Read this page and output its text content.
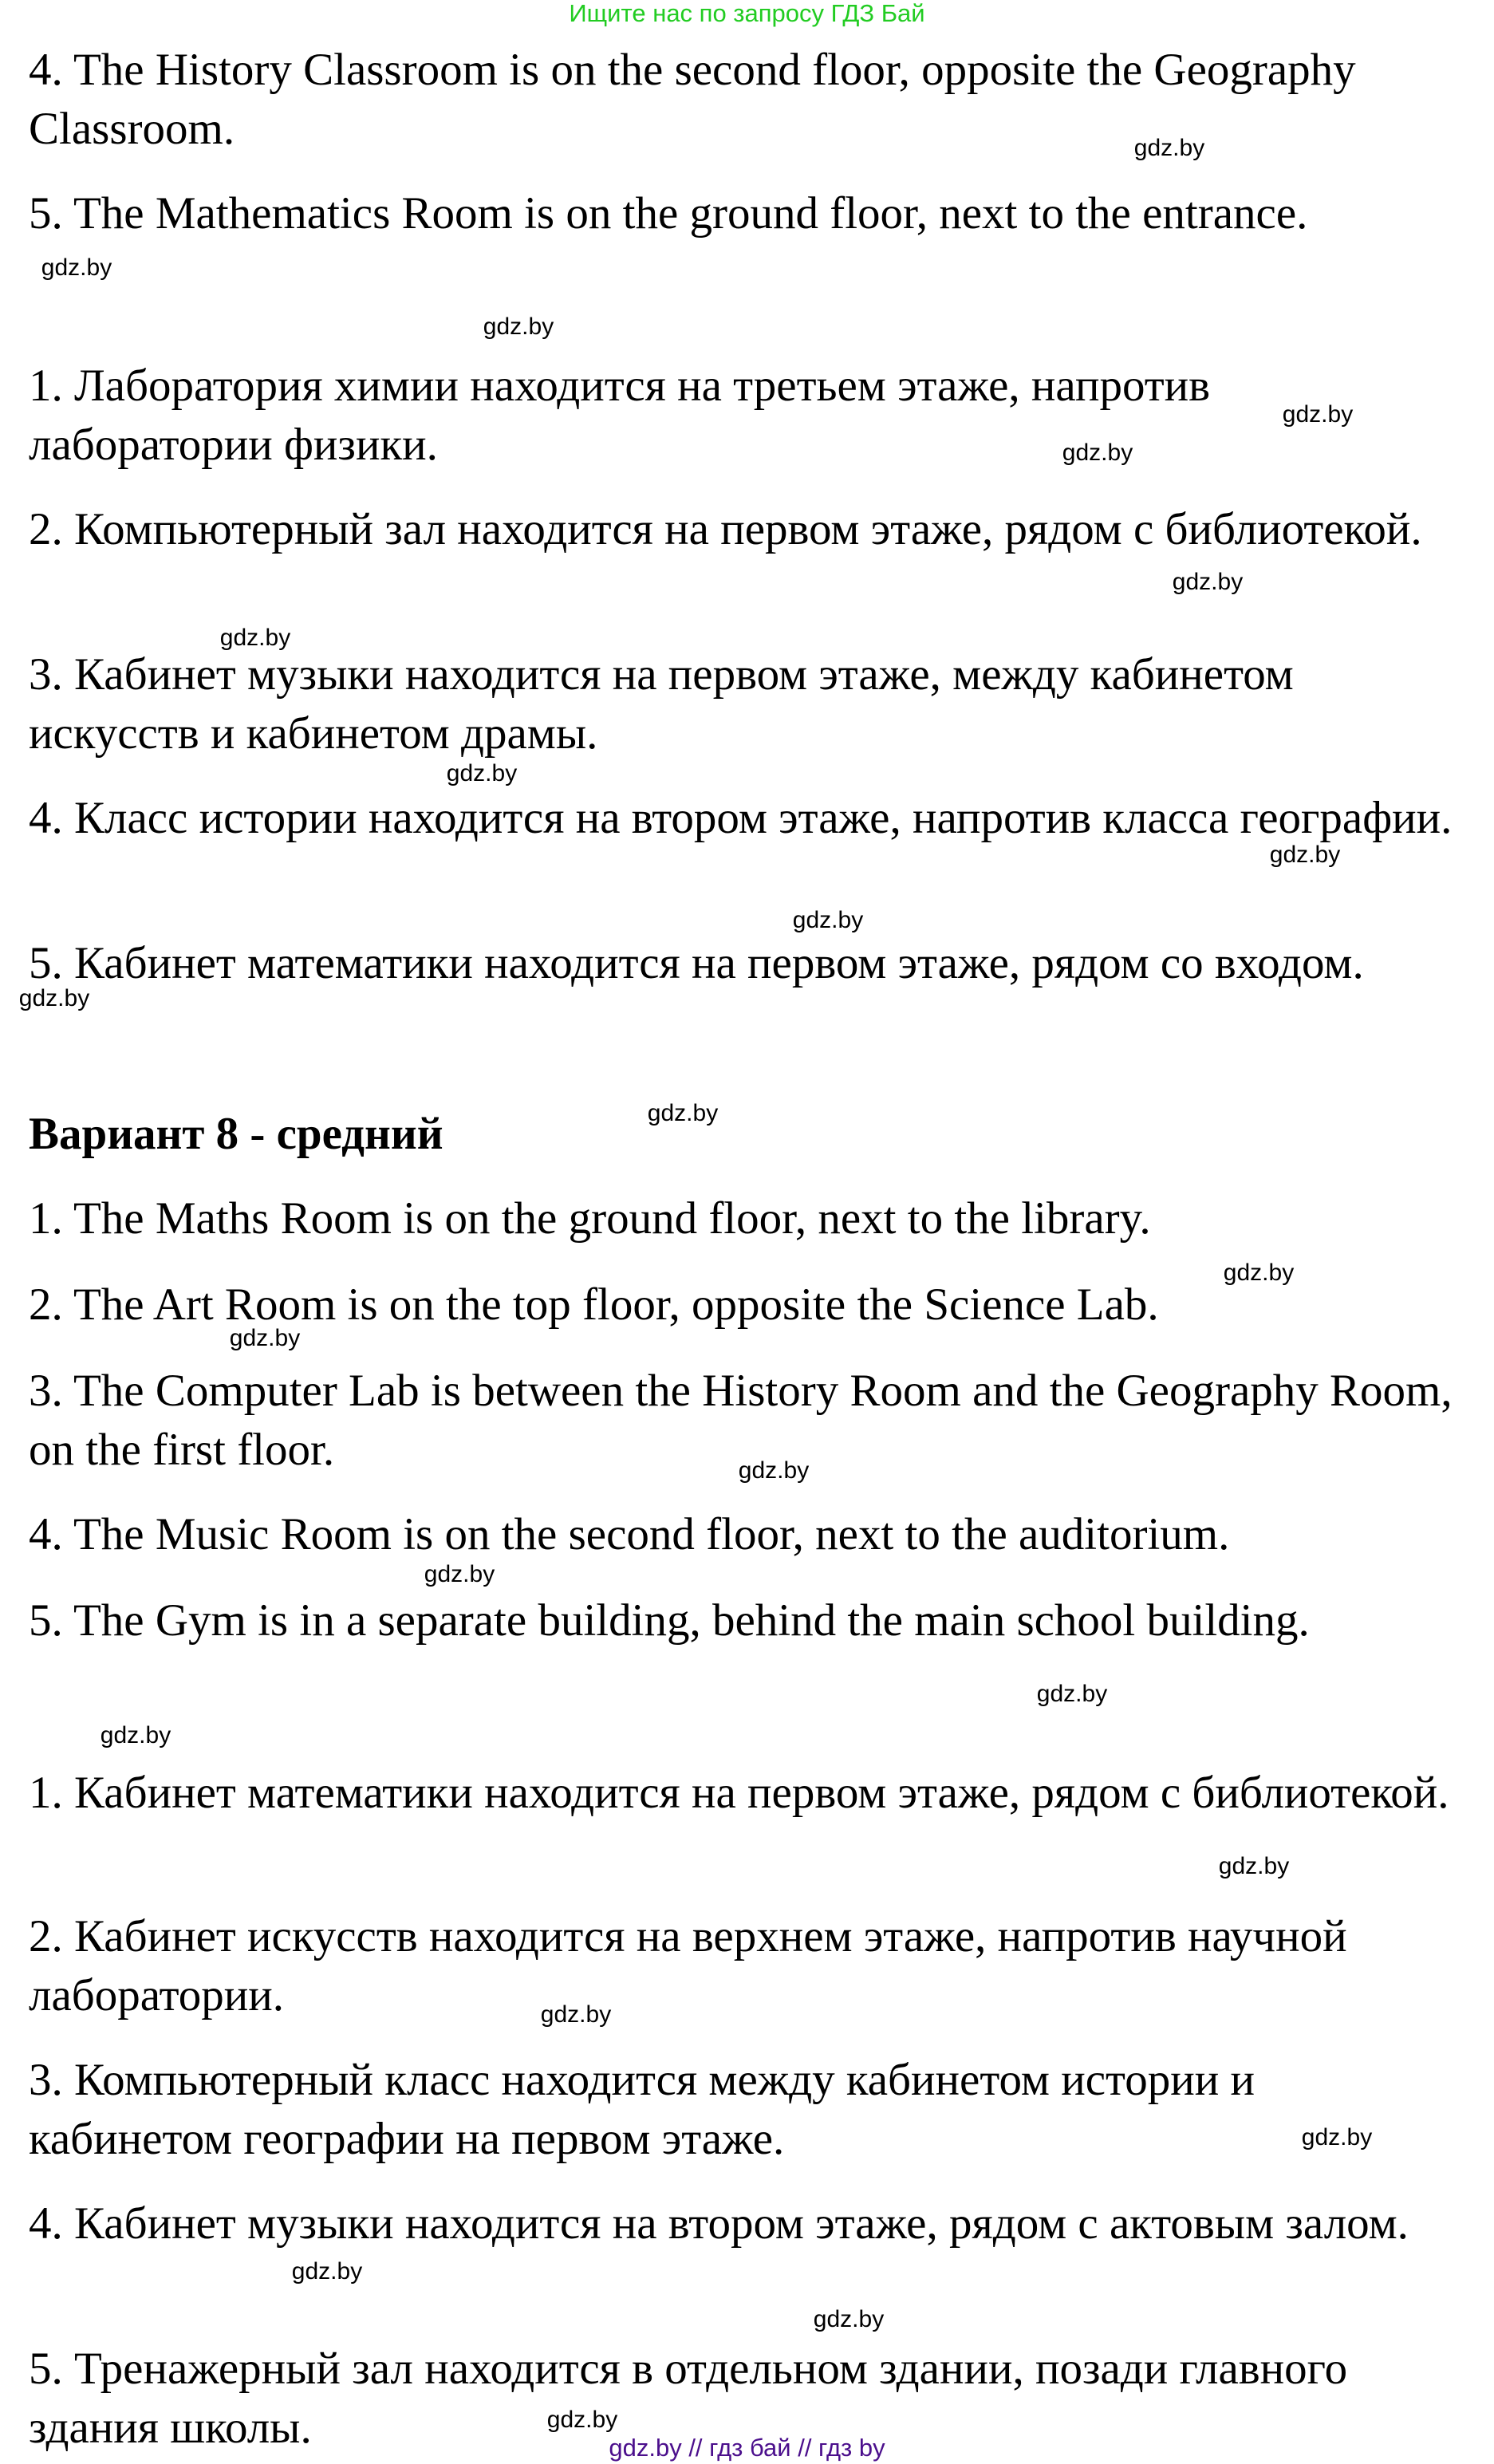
Ищите нас по запросу ГДЗ Бай
4. The History Classroom is on the second floor, opposite the Geography Classroom.
5. The Mathematics Room is on the ground floor, next to the entrance.
1. Лаборатория химии находится на третьем этаже, напротив лаборатории физики.
2. Компьютерный зал находится на первом этаже, рядом с библиотекой.
3. Кабинет музыки находится на первом этаже, между кабинетом искусств и кабинетом драмы.
4. Класс истории находится на втором этаже, напротив класса географии.
5. Кабинет математики находится на первом этаже, рядом со входом.
Вариант 8 - средний
1. The Maths Room is on the ground floor, next to the library.
2. The Art Room is on the top floor, opposite the Science Lab.
3. The Computer Lab is between the History Room and the Geography Room, on the first floor.
4. The Music Room is on the second floor, next to the auditorium.
5. The Gym is in a separate building, behind the main school building.
1. Кабинет математики находится на первом этаже, рядом с библиотекой.
2. Кабинет искусств находится на верхнем этаже, напротив научной лаборатории.
3. Компьютерный класс находится между кабинетом истории и кабинетом географии на первом этаже.
4. Кабинет музыки находится на втором этаже, рядом с актовым залом.
5. Тренажерный зал находится в отдельном здании, позади главного здания школы.
gdz.by
gdz.by
gdz.by
gdz.by
gdz.by
gdz.by
gdz.by
gdz.by
gdz.by
gdz.by
gdz.by
gdz.by
gdz.by
gdz.by
gdz.by
gdz.by
gdz.by
gdz.by
gdz.by
gdz.by
gdz.by
gdz.by
gdz.by
gdz.by
gdz.by // гдз бай // гдз by
